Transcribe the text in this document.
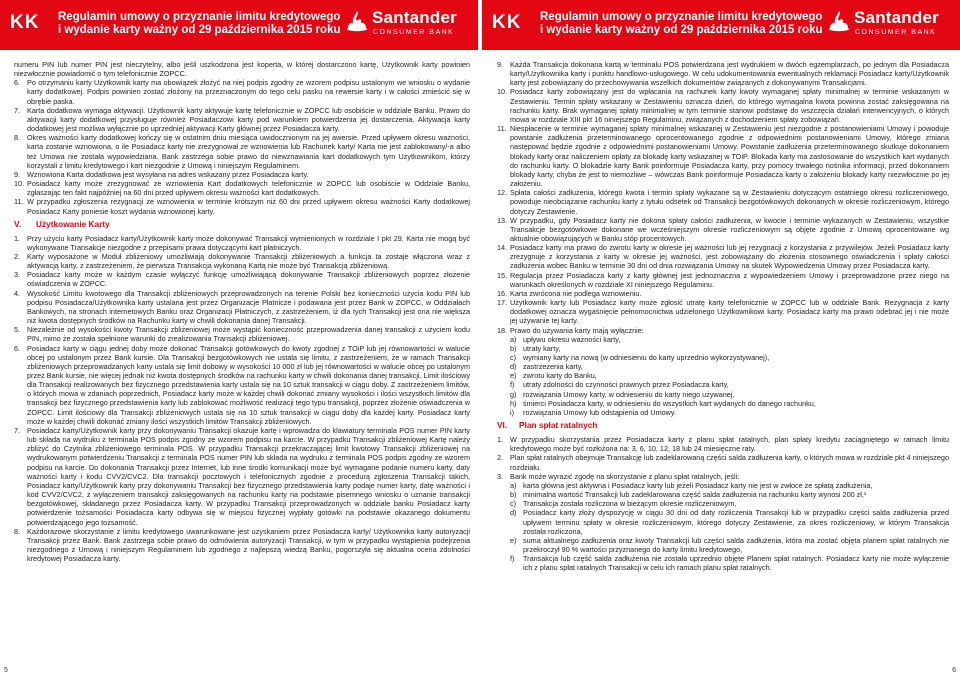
KK Regulamin umowy o przyznanie limitu kredytowego
i wydanie karty ważny od 29 października 2015 roku
Santander
CONSUMER BANK KK Regulamin umowy o przyznanie limitu kredytowego
i wydanie karty ważny od 29 października 2015 roku
Santander
CONSUMER BANK

numeru PIN lub numer PIN jest nieczytelny, albo jeśli uszkodzona jest koperta, w której dostarczono kartę, Użytkownik karty powinien niezwłocznie powiadomić o tym telefonicznie ZOPCC.

6. Po otrzymaniu karty Użytkownik karty ma obowiązek złożyć na niej podpis zgodny ze wzorem podpisu ustalonym we wniosku o wydanie karty dodatkowej. Podpis powinien zostać złożony na przeznaczonym do tego celu pasku na rewersie karty i w całości zmieścić się w obrębie paska.
7. Karta dodatkowa wymaga aktywacji. Użytkownik karty aktywuje kartę telefonicznie w ZOPCC lub osobiście w oddziale Banku. Prawo do aktywacji karty dodatkowej przysługuje również Posiadaczowi karty pod warunkiem potwierdzenia jej dostarczenia. Aktywacja karty dodatkowej jest możliwa wyłącznie po uprzedniej aktywacji Karty głównej przez Posiadacza karty.
8. Okres ważności karty dodatkowej kończy się w ostatnim dniu miesiąca uwidocznionym na jej awersie. Przed upływem okresu ważności, karta zostanie wznowiona, o ile Posiadacz karty nie zrezygnował ze wznowienia lub Rachunek karty/ Karta nie jest zablokowany/-a albo też Umowa nie została wypowiedziana. Bank zastrzega sobie prawo do niewznawiania kart dodatkowych tym Użytkownikom, którzy korzystali z limitu kredytowego i kart niezgodnie z Umową i niniejszym Regulaminem.
9. Wznowiona Karta dodatkowa jest wysyłana na adres wskazany przez Posiadacza karty.
10. Posiadacz karty może zrezygnować ze wznowienia Kart dodatkowych telefonicznie w ZOPCC lub osobiście w Oddziale Banku, zgłaszając ten fakt najpóźniej na 60 dni przed upływem okresu ważności kart dodatkowych.
11. W przypadku zgłoszenia rezygnacji ze wznowienia w terminie krótszym niż 60 dni przed upływem okresu ważności Karty dodatkowej Posiadacz Karty poniesie koszt wydania wznowionej karty.
V. Użytkowanie Karty
1. Przy użyciu karty Posiadacz karty/Użytkownik karty może dokonywać Transakcji wymienionych w rozdziale I pkt 29. Karta nie mogą być wykonywane Transakcje niezgodne z przepisami prawa dotyczącymi kart płatniczych.
2. Karty wyposażone w Moduł zbliżeniowy umożliwiają dokonywanie Transakcji zbliżeniowych a funkcja ta zostaje włączona wraz z aktywacją karty, z zastrzeżeniem, że pierwsza Transakcja wykonaną Kartą nie może być Transakcją zbliżeniową.
3. Posiadacz karty może w każdym czasie wyłączyć funkcję umożliwiającą dokonywanie Transakcji zbliżeniowych poprzez złożenie oświadczenia w ZOPCC.
4. Wysokość Limitu kwotowego dla Transakcji zbliżeniowych przeprowadzonych na terenie Polski bez konieczności użycia kodu PIN lub podpisu Posiadacza/Użytkownika karty ustalana jest przez Organizacje Płatnicze i podawana jest przez Bank w ZOPCC, w Oddziałach Bankowych, na stronach internetowych Banku oraz Organizacji Płatniczych, z zastrzeżeniem, iż dla tych Transakcji jest ona nie większa niż kwota dostępnych środków na Rachunku karty w chwili dokonania danej Transakcji.
5. Niezależnie od wysokości kwoty Transakcji zbliżeniowej może wystąpić konieczność przeprowadzenia danej transakcji z użyciem kodu PIN, mimo że została spełnione warunki do zrealizowania Transakcji zbliżeniowej.
6. Posiadacz karty w ciągu jednej doby może dokonać Transakcji gotówkowych do kwoty zgodnej z TOiP lub jej równowartości w walucie obcej po ustalonym przez Bank kursie. Dla Transakcji bezgotówkowych nie ustala się limitu, z zastrzeżeniem, że w ramach Transakcji zbliżeniowych przeprowadzanych karty ustala się limit dobowy w wysokości 10 000 zł lub jej równowartości w walucie obcej po ustalonym przez Bank kursie, nie więcej jednak niż kwota dostępnych środków na rachunku karty w chwili dokonania danej transakcji. Limit ilościowy dla Transakcji realizowanych bez fizycznego przedstawienia karty ustala się na 10 sztuk transakcji w ciągu doby. Z zastrzeżeniem limitów, o których mowa w zdaniach poprzednich, Posiadacz karty może w każdej chwili dokonać zmiany wysokości i ilości wszystkich limitów dla transakcji bez fizycznego przedstawienia karty lub zablokować możliwość realizacji tego typu transakcji, poprzez złożenie oświadczenia w ZOPCC. Limit ilościowy dla Transakcji zbliżeniowych ustala się na 10 sztuk transakcji w ciągu doby dla każdej karty. Posiadacz karty może w każdej chwili dokonać zmiany ilości wszystkich limitów Transakcji zbliżeniowych.
7. Posiadacz karty/Użytkownik karty przy dokonywaniu Transakcji okazuje kartę i wprowadza do klawiatury terminala POS numer PIN karty lub składa na wydruku z terminala POS podpis zgodny ze wzorem podpisu na karcie. W przypadku Transakcji zbliżeniowej Kartę należy zbliżyć do Czytnika zbliżeniowego terminala POS. W przypadku Transakcji przekraczającej limit kwotowy Transakcji zbliżeniowej na wydrukowanym potwierdzeniu Transakcji z terminala POS numer PIN lub składa na wydruku z terminala POS podpis zgodny ze wzorem podpisu na karcie. Do dokonania Transakcji przez Internet, lub inne środki komunikacji może być wymagane podanie numeru karty, daty ważności karty i kodu CVV2/CVC2. Dla transakcji pocztowych i telefonicznych zgodnie z procedurą zgłoszenia Transakcji takich, Posiadacz karty/Użytkownik karty przy dokonywaniu Transakcji bez fizycznego przedstawienia karty podaje numer karty, datę ważności i kod CVV2/CVC2, z wyłączeniem transakcji zaksięgowanych na rachunku karty na podstawie pisemnego wniosku o uznanie transakcji bezgotówkowej, składanego przez Posiadacza karty. W przypadku Transakcji przeprowadzonych w oddziale banku Posiadacz karty potwierdzenie tożsamości Posiadacza karty odbywa się w miejscu fizycznej wypłaty gotówki na podstawie okazanego dokumentu potwierdzającego jego tożsamość.
8. Każdorazowe skorzystanie z limitu kredytowego uwarunkowane jest uzyskaniem przez Posiadacza karty/ Użytkownika karty autoryzacji Transakcji przez Bank. Bank zastrzega sobie prawo do odmówienia autoryzacji Transakcji, w tym w przypadku wystąpienia podejrzenia niezgodnego z Umową i niniejszym Regulaminem lub zgodnego z najlepszą wiedzą Banku, pogorszyła się aktualna ocena zdolności kredytowej Posiadacza karty.
9. Każda Transakcja dokonana kartą w terminalu POS potwierdzana jest wydrukiem w dwóch egzemplarzach, po jednym dla Posiadacza karty/Użytkownika karty i punktu handlowo-usługowego. W celu udokumentowania ewentualnych reklamacji Posiadacz karty/Użytkownik karty jest zobowiązany do przechowywania wszelkich dokumentów związanych z dokonywanymi Transakcjami.
10. Posiadacz karty zobowiązany jest do wpłacania na rachunek karty kwoty wymaganej spłaty minimalnej w terminie wskazanym w Zestawieniu. Termin spłaty wskazany w Zestawieniu oznacza dzień, do którego wymagalna kwota powinna zostać zaksięgowana na rachunku karty. Brak wymaganej spłaty minimalnej w tym terminie stanowi podstawę do wszczęcia działań interwencyjnych, o których mowa w rozdziale XIII pkt 16 niniejszego Regulaminu, związanych z dochodzeniem spłaty zobowiązań.
11. Niespłacenie w terminie wymaganej spłaty minimalnej wskazanej w Zestawieniu jest niezgodne z postanowieniami Umowy i powoduje powstanie zadłużenia przeterminowanego oprocentowanego zgodnie z odpowiednimi postanowieniami Umowy, którego zmiana następować będzie zgodnie z odpowiednimi postanowieniami Umowy. Powstanie zadłużenia przeterminowanego skutkuje dokonaniem blokady karty oraz naliczeniem opłaty za blokadę karty wskazanej w TOiP. Blokada karty ma zastosowanie do wszystkich kart wydanych do rachunku karty. O blokadzie karty Bank poinformuje Posiadacza karty, przy pomocy trwałego nośnika informacji, przed dokonaniem blokady karty, chyba że jest to niemożliwe – wówczas Bank poinformuje Posiadacza karty o założeniu blokady karty niezwłocznie po jej założeniu.
12. Spłata całości zadłużenia, którego kwota i termin spłaty wykazane są w Zestawieniu dotyczącym ostatniego okresu rozliczeniowego, powoduje nieobciążanie rachunku karty z tytułu odsetek od Transakcji bezgotówkowych dokonanych w okresie rozliczeniowym, którego dotyczy Zestawienie.
13. W przypadku, gdy Posiadacz karty nie dokona spłaty całości zadłużenia, w kwocie i terminie wykazanych w Zestawieniu, wszystkie Transakcje bezgotówkowe dokonane we wcześniejszym okresie rozliczeniowym są objęte zgodnie z Umową oprocentowane wg aktualnie obowiązujących w Banku stóp procentowych.
14. Posiadacz karty ma prawo do zwrotu karty w okresie jej ważności lub jej rezygnacji z korzystania z przywilejów. Jeżeli Posiadacz karty zrezygnuje z korzystania z karty w okresie jej ważności, jest zobowiązany do złożenia stosownego oświadczenia i spłaty całości zadłużenia wobec Banku w terminie 30 dni od dnia rozwiązania Umowy na skutek Wypowiedzenia Umowy przez Posiadacza karty.
15. Regulacja przez Posiadacza karty z karty głównej jest jednoznaczna z wypowiedzeniem Umowy i przeprowadzone przez niego na warunkach określonych w rozdziale XI niniejszego Regulaminu.
16. Karta zwrócona nie podlega wznowieniu.
17. Użytkownik karty lub Posiadacz karty może zgłosić utratę karty telefonicznie w ZOPCC lub w oddziale Bank. Rezygnacja z karty dodatkowej oznacza wygaśnięcie pełnomocnictwa udzielonego Użytkownikowi karty. Posiadacz karty ma prawo odebrać jej i nie może jej używanie tej karty.
18. Prawo do używania karty mają wyłącznie:
a) upływu okresu ważności karty,
b) utraty karty,
c) wymiany karty na nową (w odniesieniu do karty uprzednio wykorzystywanej),
d) zastrzeżenia karty,
e) zwrotu karty do Banku,
f) utraty zdolności do czynności prawnych przez Posiadacza karty,
g) rozwiązania Umowy karty, w odniesieniu do karty niego używanej,
h) śmierci Posiadacza karty, w odniesieniu do wszystkich kart wydanych do danego rachunku,
i) rozwiązania Umowy lub odstąpienia od Umowy.
VI. Plan spłat ratalnych
1. W przypadku skorzystania przez Posiadacza karty z planu spłat ratalnych, plan spłaty kredytu zaciągniętego w ramach limitu kredytowego może być rozłożona na: 3, 6, 10, 12, 18 lub 24 miesięczne raty.
2. Plan spłat ratalnych obejmuje Transakcję lub zadeklarowaną części salda zadłużenia karty, o których mowa w rozdziale pkt 4 niniejszego rozdziału.
3. Bank może wyrazić zgodę na skorzystanie z planu spłat ratalnych, jeśli:
a) karta główna jest aktywna i Posiadacz karty lub jeżeli Posiadacz karty nie jest w zwłoce ze spłatą zadłużenia,
b) minimalna wartość Transakcji lub zadeklarowana część salda zadłużenia na rachunku karty wynosi 200 zł,¹
c) Transakcja została rozliczona w bieżącym okresie rozliczeniowym,
d) Posiadacz karty złoży dyspozycję w ciągu 30 dni od daty rozliczenia Transakcji lub w przypadku części salda zadłużenia przed upływem terminu spłaty w okresie rozliczeniowym, którego dotyczy Zestawienie, za okres rozliczeniowy, w którym Transakcja została rozliczona,
e) suma aktualnego zadłużenia oraz kwoty Transakcji lub części salda zadłużenia, która ma zostać objęta planem spłat ratalnych nie przekroczył 90 % wartości przyznanego do karty limitu kredytowego,
f) Transakcja lub część salda zadłużenia nie została uprzednio objęte Planem spłat ratalnych. Posiadacz karty nie może wyłączenie ich z planu spłat ratalnych Transakcji w celu ich ramach planu spłat ratalnych.
5	6
